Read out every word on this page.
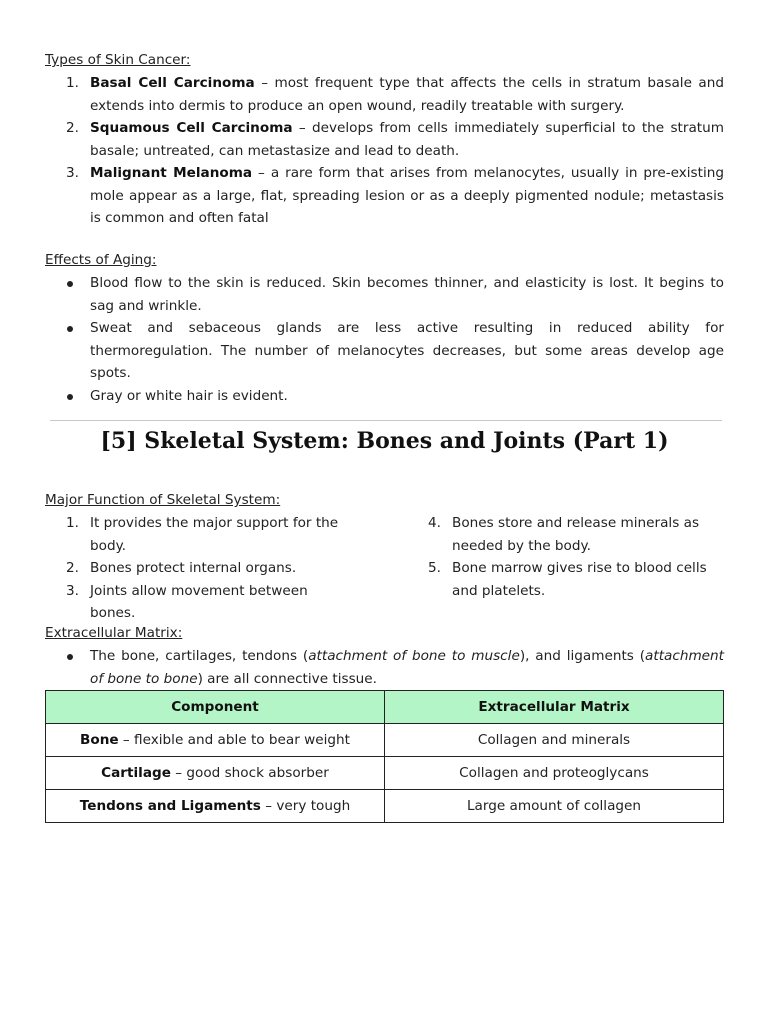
Types of Skin Cancer:
1. Basal Cell Carcinoma – most frequent type that affects the cells in stratum basale and extends into dermis to produce an open wound, readily treatable with surgery.
2. Squamous Cell Carcinoma – develops from cells immediately superficial to the stratum basale; untreated, can metastasize and lead to death.
3. Malignant Melanoma – a rare form that arises from melanocytes, usually in pre-existing mole appear as a large, flat, spreading lesion or as a deeply pigmented nodule; metastasis is common and often fatal
Effects of Aging:
Blood flow to the skin is reduced. Skin becomes thinner, and elasticity is lost. It begins to sag and wrinkle.
Sweat and sebaceous glands are less active resulting in reduced ability for thermoregulation. The number of melanocytes decreases, but some areas develop age spots.
Gray or white hair is evident.
[5] Skeletal System: Bones and Joints (Part 1)
Major Function of Skeletal System:
1. It provides the major support for the body.
2. Bones protect internal organs.
3. Joints allow movement between bones.
4. Bones store and release minerals as needed by the body.
5. Bone marrow gives rise to blood cells and platelets.
Extracellular Matrix:
The bone, cartilages, tendons (attachment of bone to muscle), and ligaments (attachment of bone to bone) are all connective tissue.
Component	Extracellular Matrix
Bone – flexible and able to bear weight	Collagen and minerals
Cartilage – good shock absorber	Collagen and proteoglycans
Tendons and Ligaments – very tough	Large amount of collagen
